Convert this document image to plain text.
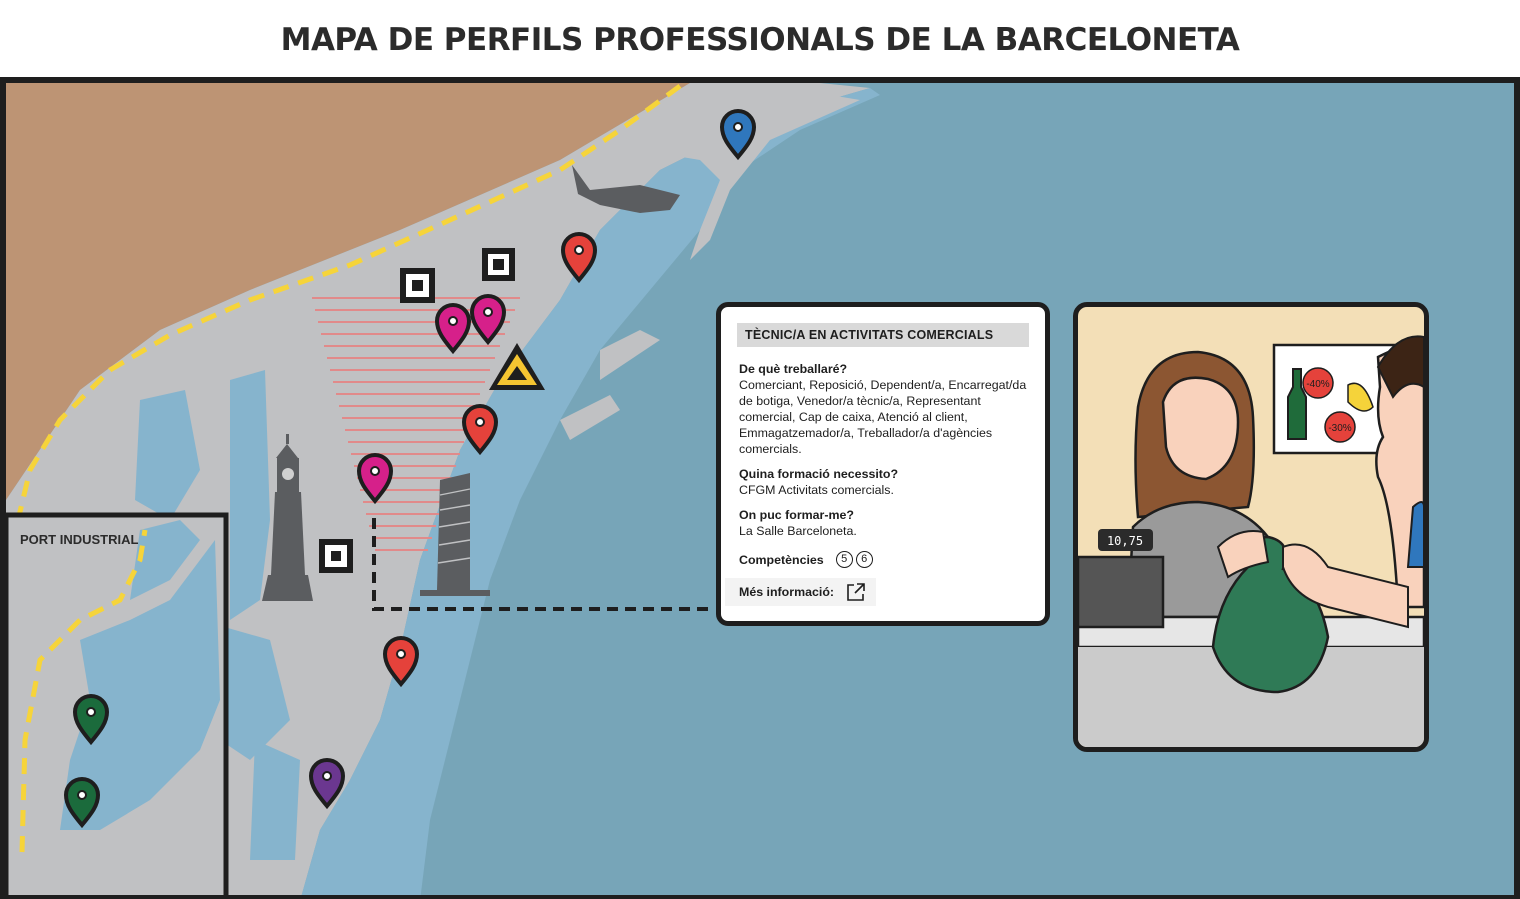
MAPA DE PERFILS PROFESSIONALS DE LA BARCELONETA
PORT INDUSTRIAL
TÈCNIC/A EN ACTIVITATS COMERCIALS
De què treballaré?
Comerciant, Reposició, Dependent/a, Encarregat/da de botiga, Venedor/a tècnic/a, Representant comercial, Cap de caixa, Atenció al client, Emmagatzemador/a, Treballador/a d'agències comercials.
Quina formació necessito?
CFGM Activitats comercials.
On puc formar-me?
La Salle Barceloneta.
Competències	5	6
Més informació:
-40%
-30%
10,75
